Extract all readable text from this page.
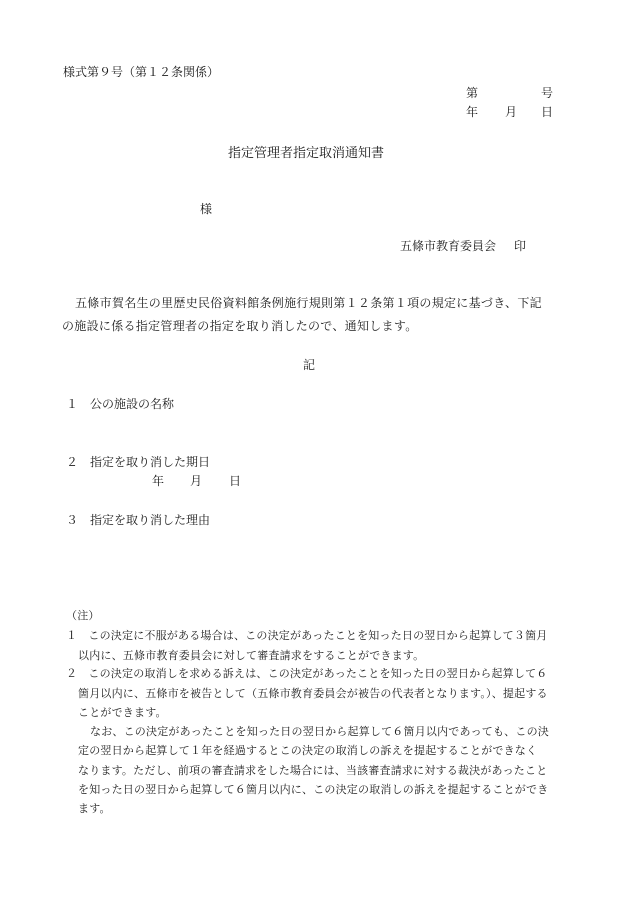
様式第９号（第１２条関係）
第	号
年 月 日
指定管理者指定取消通知書
様
五條市教育委員会 印
五條市賀名生の里歴史民俗資料館条例施行規則第１２条第１項の規定に基づき、下記
の施設に係る指定管理者の指定を取り消したので、通知します。
記
１　公の施設の名称
２　指定を取り消した期日
年 月 日
３　指定を取り消した理由
（注）
１　この決定に不服がある場合は、この決定があったことを知った日の翌日から起算して３箇月
以内に、五條市教育委員会に対して審査請求をすることができます。
２　この決定の取消しを求める訴えは、この決定があったことを知った日の翌日から起算して６
箇月以内に、五條市を被告として（五條市教育委員会が被告の代表者となります。）、提起する
ことができます。
なお、この決定があったことを知った日の翌日から起算して６箇月以内であっても、この決
定の翌日から起算して１年を経過するとこの決定の取消しの訴えを提起することができなく
なります。ただし、前項の審査請求をした場合には、当該審査請求に対する裁決があったこと
を知った日の翌日から起算して６箇月以内に、この決定の取消しの訴えを提起することができ
ます。
